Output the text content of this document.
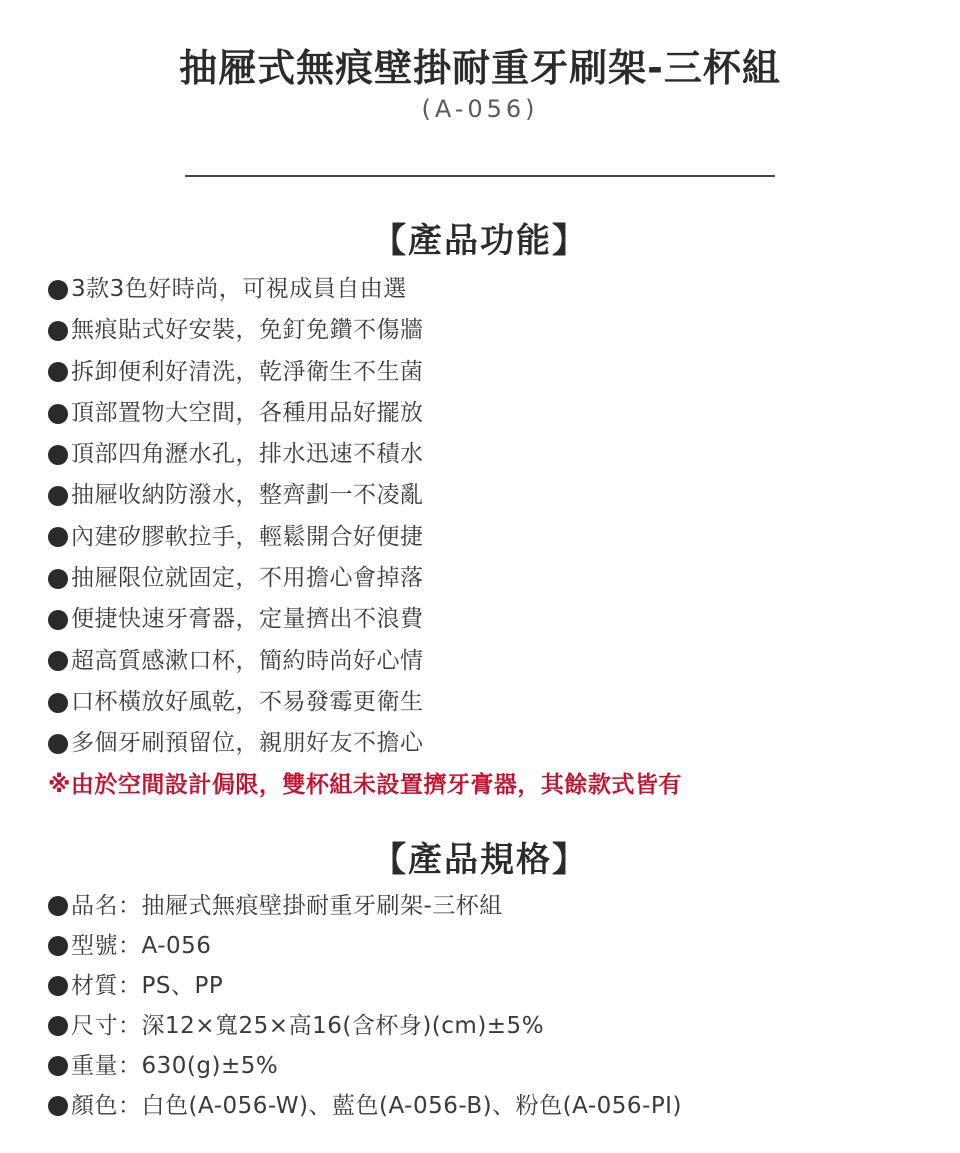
抽屜式無痕壁掛耐重牙刷架-三杯組
(A-056)
【產品功能】
3款3色好時尚，可視成員自由選
無痕貼式好安裝，免釘免鑽不傷牆
拆卸便利好清洗，乾淨衛生不生菌
頂部置物大空間，各種用品好擺放
頂部四角瀝水孔，排水迅速不積水
抽屜收納防潑水，整齊劃一不凌亂
內建矽膠軟拉手，輕鬆開合好便捷
抽屜限位就固定，不用擔心會掉落
便捷快速牙膏器，定量擠出不浪費
超高質感漱口杯，簡約時尚好心情
口杯橫放好風乾，不易發霉更衛生
多個牙刷預留位，親朋好友不擔心
※由於空間設計侷限，雙杯組未設置擠牙膏器，其餘款式皆有
【產品規格】
品名：抽屜式無痕壁掛耐重牙刷架-三杯組
型號：A-056
材質：PS、PP
尺寸：深12×寬25×高16(含杯身)(cm)±5%
重量：630(g)±5%
顏色：白色(A-056-W)、藍色(A-056-B)、粉色(A-056-PI)
